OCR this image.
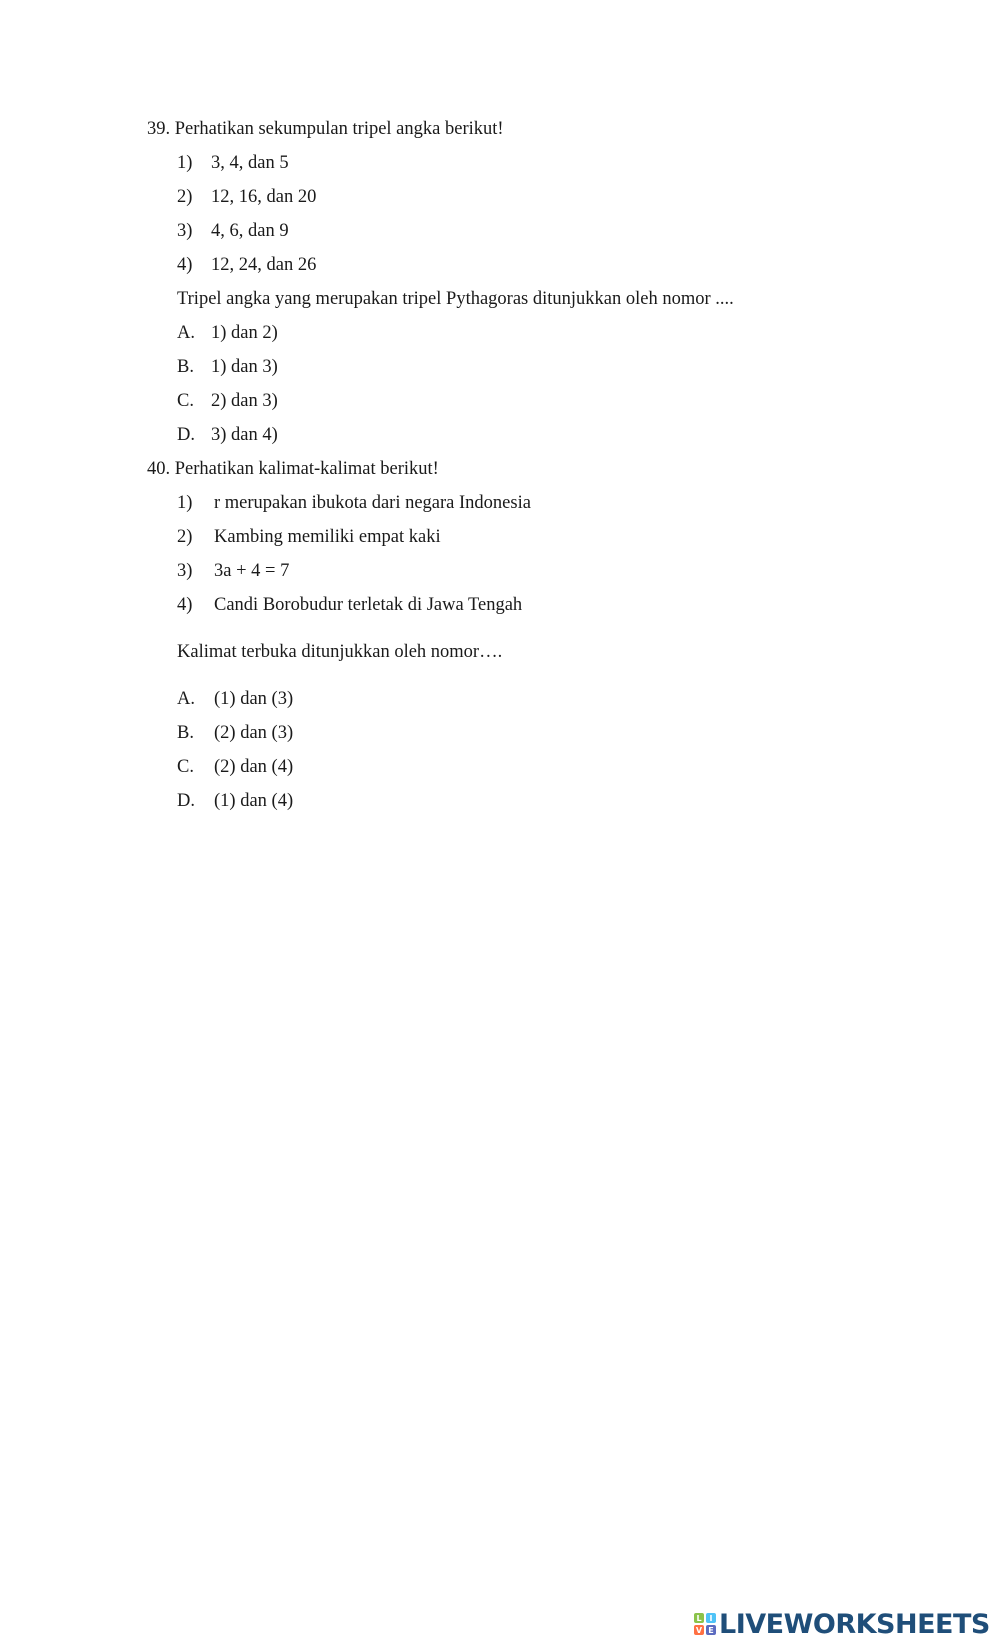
39. Perhatikan sekumpulan tripel angka berikut!
1) 3, 4, dan 5
2) 12, 16, dan 20
3) 4, 6, dan 9
4) 12, 24, dan 26
Tripel angka yang merupakan tripel Pythagoras ditunjukkan oleh nomor ....
A. 1) dan 2)
B. 1) dan 3)
C. 2) dan 3)
D. 3) dan 4)
40. Perhatikan kalimat-kalimat berikut!
1) r merupakan ibukota dari negara Indonesia
2) Kambing memiliki empat kaki
3) 3a + 4 = 7
4) Candi Borobudur terletak di Jawa Tengah
Kalimat terbuka ditunjukkan oleh nomor….
A. (1) dan (3)
B. (2) dan (3)
C. (2) dan (4)
D. (1) dan (4)
L I
V E LIVEWORKSHEETS
